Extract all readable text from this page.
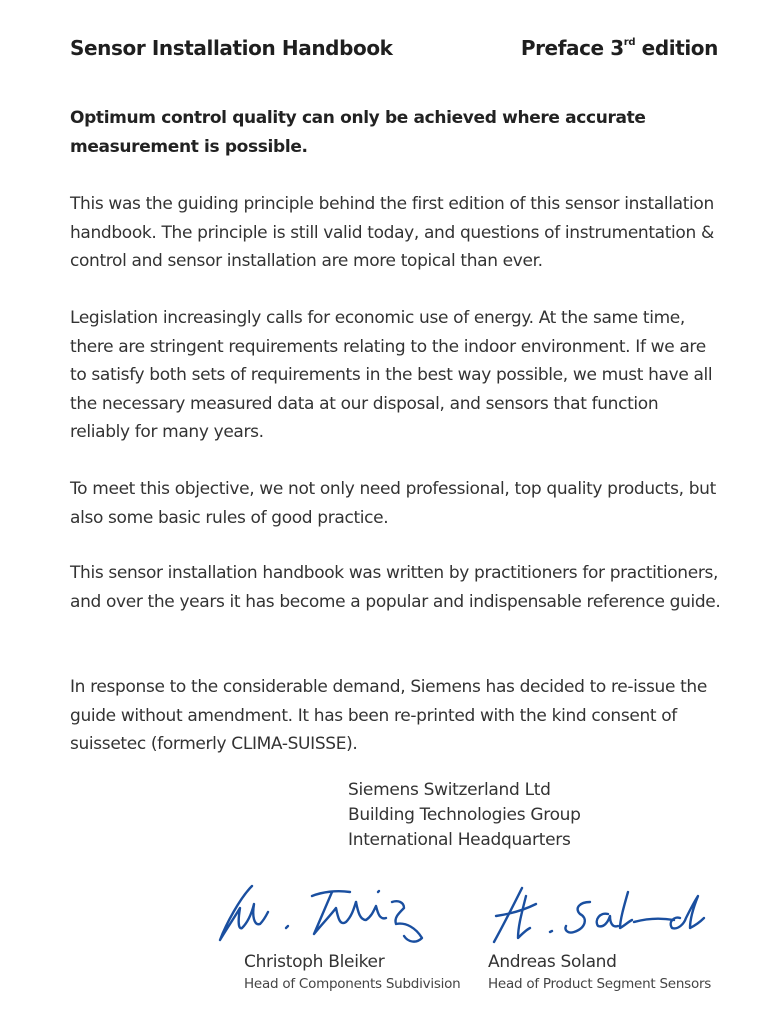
Sensor Installation Handbook	Preface 3rd edition

Optimum control quality can only be achieved where accurate measurement is possible.

This was the guiding principle behind the first edition of this sensor installation handbook. The principle is still valid today, and questions of instrumentation & control and sensor installation are more topical than ever.

Legislation increasingly calls for economic use of energy. At the same time, there are stringent requirements relating to the indoor environment. If we are to satisfy both sets of requirements in the best way possible, we must have all the necessary measured data at our disposal, and sensors that function reliably for many years.

To meet this objective, we not only need professional, top quality products, but also some basic rules of good practice.

This sensor installation handbook was written by practitioners for practitioners, and over the years it has become a popular and indispensable reference guide.

In response to the considerable demand, Siemens has decided to re-issue the guide without amendment. It has been re-printed with the kind consent of suissetec (formerly CLIMA-SUISSE).

Siemens Switzerland Ltd
Building Technologies Group
International Headquarters
Christoph Bleiker
Head of Components Subdivision
Andreas Soland
Head of Product Segment Sensors
